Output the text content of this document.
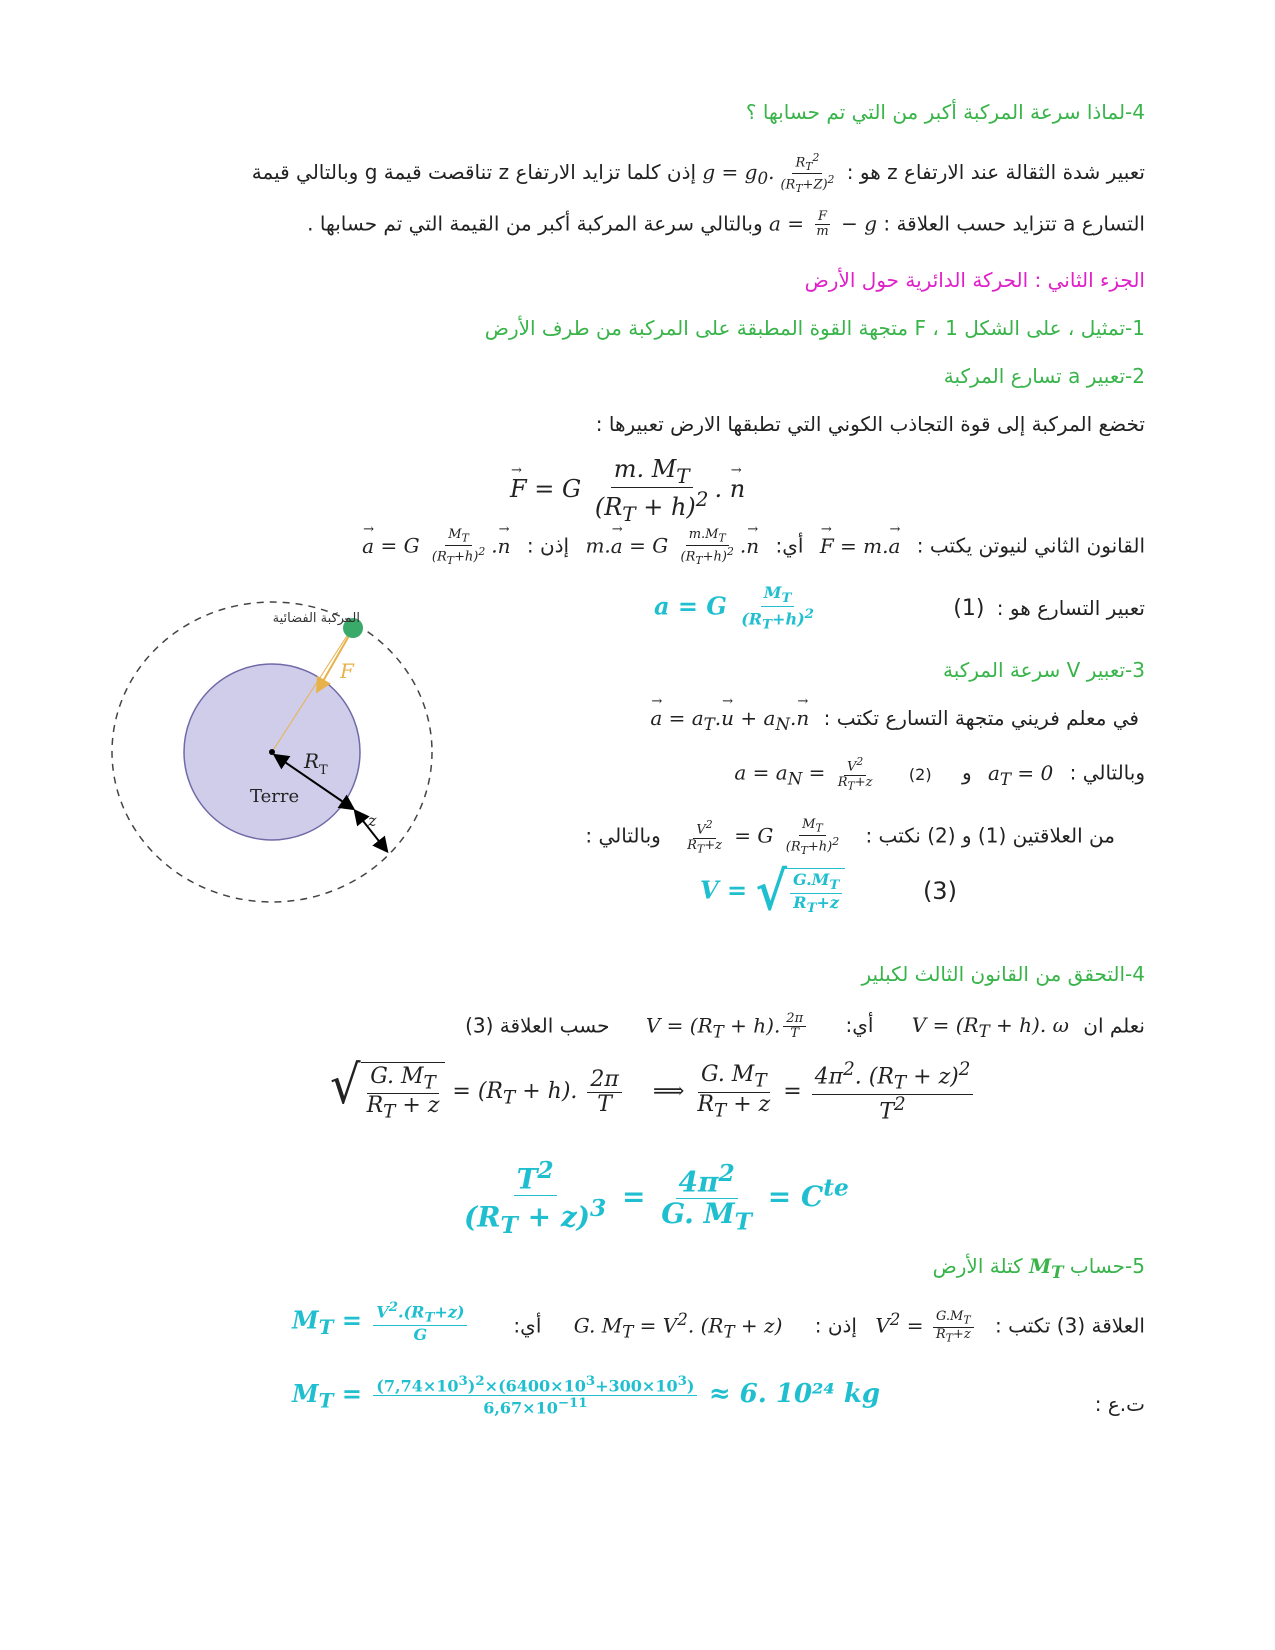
4-لماذا سرعة المركبة أكبر من التي تم حسابها ؟
تعبير شدة الثقالة عند الارتفاع z هو : $g = g_0$. $\frac{R_T^2}{(R_T+Z)^2}$
إذن كلما تزايد الارتفاع z تناقصت قيمة g وبالتالي قيمة
التسارع a تتزايد حسب العلاقة : $a = \frac{F}{m} - g$ وبالتالي سرعة المركبة أكبر من القيمة التي تم حسابها .
الجزء الثاني : الحركة الدائرية حول الأرض
1-تمثيل ، على الشكل 1 ، F متجهة القوة المطبقة على المركبة من طرف الأرض
2-تعبير a تسارع المركبة
تخضع المركبة إلى قوة التجاذب الكوني التي تطبقها الارض تعبيرها :
→ F = G $\frac{m. M_T}{(R_T + h)^2}$ . → n
القانون الثاني لنيوتن يكتب : → F = m.→ a أي: m.→ a = G $\frac{m.M_T}{(R_T+h)^2}$ .→ n إذن : → a = G $\frac{M_T}{(R_T+h)^2}$ .→ n
تعبير التسارع هو : (1)
a = G $\frac{M_T}{(R_T+h)^2}$
المركبة الفضائية
F
R T
Terre
z
3-تعبير V سرعة المركبة
في معلم فريني متجهة التسارع تكتب : → $a = a_T.\to u + a_N.\to n$
وبالتالي : $a_T = 0$ و (2) $a = a_N = \frac{V^2}{R_T+z}$
من العلاقتين (1) و (2) نكتب :
$\frac{V^2}{R_T+z} = G \frac{M_T}{(R_T+h)^2}$
وبالتالي :
V = √ $\frac{G.M_T}{R_T+z}$	(3)
4-التحقق من القانون الثالث لكبلير
نعلم ان $V = (R_T + h)$. ω أي: $V = (R_T + h)$. $\frac{2\pi}{T}$
حسب العلاقة (3)
√ $\frac{G. M_T}{R_T + z} = (R_T + h)$. $\frac{2\pi}{T}$ ⟹ $\frac{G. M_T}{R_T + z} = \frac{4\pi^2. (R_T + z)^2}{T^2}$
$\frac{T^2}{(R_T + z)^3} = \frac{4\pi^2}{G. M_T} = C^{te}$
5-حساب $M_T$ كتلة الأرض
العلاقة (3) تكتب : $V^2 = \frac{G.M_T}{R_T+z}$
إذن : G. $M_T = V^2$. $(R_T + z)$ أي:
$M_T = \frac{V^2.(R_T+z)}{G}$
ت.ع :
$M_T = \frac{(7,74\times 10^3)^2\times(6400\times 10^3+300\times 10^3)}{6,67\times 10^{-11}} \approx 6$. 10²⁴ kg
